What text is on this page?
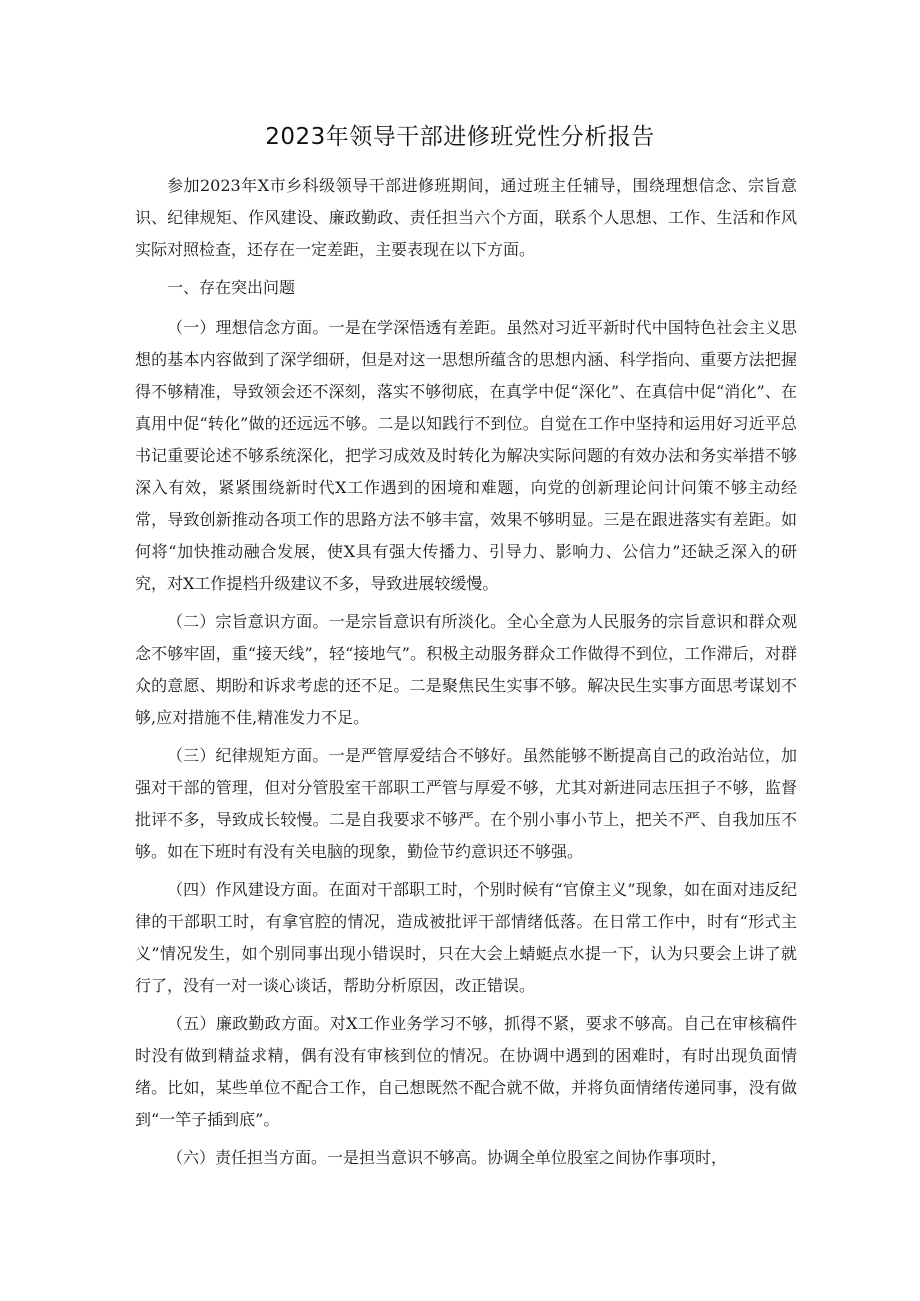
2023年领导干部进修班党性分析报告

参加2023年X市乡科级领导干部进修班期间，通过班主任辅导，围绕理想信念、宗旨意识、纪律规矩、作风建设、廉政勤政、责任担当六个方面，联系个人思想、工作、生活和作风实际对照检查，还存在一定差距，主要表现在以下方面。

一、存在突出问题

（一）理想信念方面。一是在学深悟透有差距。虽然对习近平新时代中国特色社会主义思想的基本内容做到了深学细研，但是对这一思想所蕴含的思想内涵、科学指向、重要方法把握得不够精准，导致领会还不深刻，落实不够彻底，在真学中促“深化”、在真信中促“消化”、在真用中促“转化”做的还远远不够。二是以知践行不到位。自觉在工作中坚持和运用好习近平总书记重要论述不够系统深化，把学习成效及时转化为解决实际问题的有效办法和务实举措不够深入有效，紧紧围绕新时代X工作遇到的困境和难题，向党的创新理论问计问策不够主动经常，导致创新推动各项工作的思路方法不够丰富，效果不够明显。三是在跟进落实有差距。如何将“加快推动融合发展，使X具有强大传播力、引导力、影响力、公信力”还缺乏深入的研究，对X工作提档升级建议不多，导致进展较缓慢。

（二）宗旨意识方面。一是宗旨意识有所淡化。全心全意为人民服务的宗旨意识和群众观念不够牢固，重“接天线”，轻“接地气”。积极主动服务群众工作做得不到位，工作滞后，对群众的意愿、期盼和诉求考虑的还不足。二是聚焦民生实事不够。解决民生实事方面思考谋划不够,应对措施不佳,精准发力不足。

（三）纪律规矩方面。一是严管厚爱结合不够好。虽然能够不断提高自己的政治站位，加强对干部的管理，但对分管股室干部职工严管与厚爱不够，尤其对新进同志压担子不够，监督批评不多，导致成长较慢。二是自我要求不够严。在个别小事小节上，把关不严、自我加压不够。如在下班时有没有关电脑的现象，勤俭节约意识还不够强。

（四）作风建设方面。在面对干部职工时，个别时候有“官僚主义”现象，如在面对违反纪律的干部职工时，有拿官腔的情况，造成被批评干部情绪低落。在日常工作中，时有“形式主义”情况发生，如个别同事出现小错误时，只在大会上蜻蜓点水提一下，认为只要会上讲了就行了，没有一对一谈心谈话，帮助分析原因，改正错误。

（五）廉政勤政方面。对X工作业务学习不够，抓得不紧，要求不够高。自己在审核稿件时没有做到精益求精，偶有没有审核到位的情况。在协调中遇到的困难时，有时出现负面情绪。比如，某些单位不配合工作，自己想既然不配合就不做，并将负面情绪传递同事，没有做到“一竿子插到底”。

（六）责任担当方面。一是担当意识不够高。协调全单位股室之间协作事项时，
